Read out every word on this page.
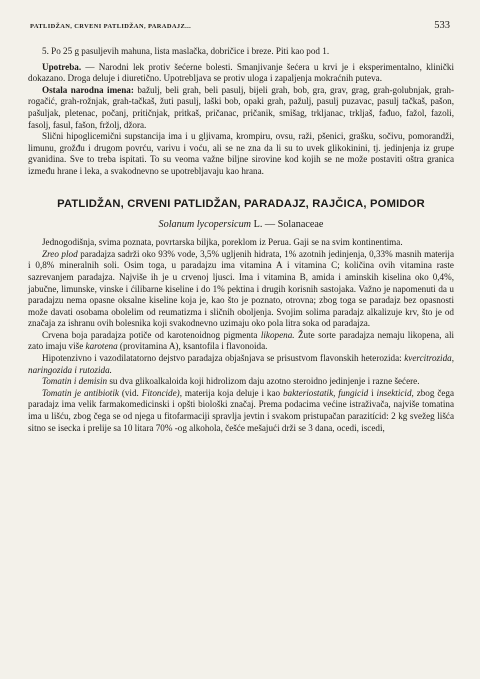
PATLIDŽAN, CRVENI PATLIDŽAN, PARADAJZ...	533

5. Po 25 g pasuljevih mahuna, lista maslačka, dobričice i breze. Piti kao pod 1.

Upotreba. — Narodni lek protiv šećerne bolesti. Smanjivanje šećera u krvi je i eksperimentalno, klinički dokazano. Droga deluje i diuretično. Upotrebljava se protiv uloga i zapaljenja mokraćnih puteva.

Ostala narodna imena: bažulj, beli grah, beli pasulj, bijeli grah, bob, gra, grav, grag, grah-golubnjak, grah-rogačić, grah-rožnjak, grah-tačkaš, žuti pasulj, laški bob, opaki grah, pažulj, pasulj puzavac, pasulj tačkaš, pašon, pašuljak, pletenac, počanj, pritičnjak, pritkaš, pričanac, pričanik, smišag, trkljanac, trkljaš, fađuo, fažol, fazoli, fasolj, fasul, fašon, fržolj, džora.

Slični hipoglicemični supstancija ima i u gljivama, krompiru, ovsu, raži, pšenici, grašku, sočivu, pomorandži, limunu, grožđu i drugom povrću, varivu i voću, ali se ne zna da li su to uvek glikokinini, tj. jedinjenja iz grupe gvanidina. Sve to treba ispitati. To su veoma važne biljne sirovine kod kojih se ne može postaviti oštra granica između hrane i leka, a svakodnevno se upotrebljavaju kao hrana.

PATLIDŽAN, CRVENI PATLIDŽAN, PARADAJZ, RAJČICA, POMIDOR

Solanum lycopersicum L. — Solanaceae

Jednogodišnja, svima poznata, povrtarska biljka, poreklom iz Perua. Gaji se na svim kontinentima.

Zreo plod paradajza sadrži oko 93% vode, 3,5% ugljenih hidrata, 1% azotnih jedinjenja, 0,33% masnih materija i 0,8% mineralnih soli. Osim toga, u paradajzu ima vitamina A i vitamina C; količina ovih vitamina raste sazrevanjem paradajza. Najviše ih je u crvenoj ljusci. Ima i vitamina B, amida i aminskih kiselina oko 0,4%, jabučne, limunske, vinske i ćilibarne kiseline i do 1% pektina i drugih korisnih sastojaka. Važno je napomenuti da u paradajzu nema opasne oksalne kiseline koja je, kao što je poznato, otrovna; zbog toga se paradajz bez opasnosti može davati osobama obolelim od reumatizma i sličnih oboljenja. Svojim solima paradajz alkalizuje krv, što je od značaja za ishranu ovih bolesnika koji svakodnevno uzimaju oko pola litra soka od paradajza.

Crvena boja paradajza potiče od karotenoidnog pigmenta likopena. Žute sorte paradajza nemaju likopena, ali zato imaju više karotena (provitamina A), ksantofila i flavonoida.

Hipotenzivno i vazodilatatorno dejstvo paradajza objašnjava se prisustvom flavonskih heterozida: kvercitrozida, naringozida i rutozida.

Tomatin i demisin su dva glikoalkaloida koji hidrolizom daju azotno steroidno jedinjenje i razne šećere.

Tomatin je antibiotik (vid. Fitoncide), materija koja deluje i kao bakteriostatik, fungicid i insekticid, zbog čega paradajz ima velik farmakomedicinski i opšti biološki značaj. Prema podacima većine istraživača, najviše tomatina ima u lišću, zbog čega se od njega u fitofarmaciji spravlja jevtin i svakom pristupačan parazitícid: 2 kg svežeg lišća sitno se isecka i prelije sa 10 litara 70% -og alkohola, češće mešajući drži se 3 dana, ocedi, iscedi,
